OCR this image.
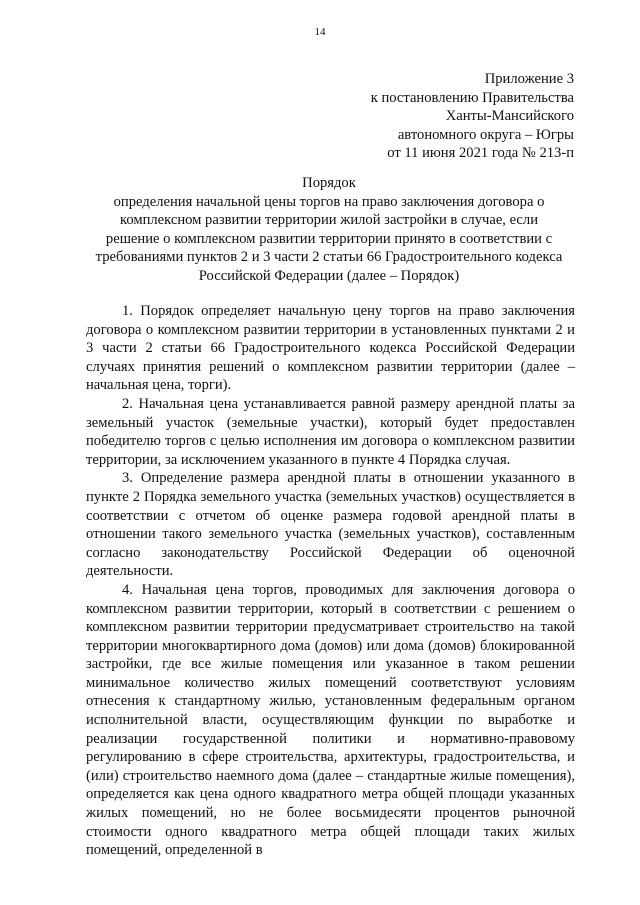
14
Приложение 3
к постановлению Правительства
Ханты-Мансийского
автономного округа – Югры
от 11 июня 2021 года № 213-п
Порядок
определения начальной цены торгов на право заключения договора о
комплексном развитии территории жилой застройки в случае, если
решение о комплексном развитии территории принято в соответствии с
требованиями пунктов 2 и 3 части 2 статьи 66 Градостроительного кодекса
Российской Федерации (далее – Порядок)

1. Порядок определяет начальную цену торгов на право заключения договора о комплексном развитии территории в установленных пунктами 2 и 3 части 2 статьи 66 Градостроительного кодекса Российской Федерации случаях принятия решений о комплексном развитии территории (далее – начальная цена, торги).

2. Начальная цена устанавливается равной размеру арендной платы за земельный участок (земельные участки), который будет предоставлен победителю торгов с целью исполнения им договора о комплексном развитии территории, за исключением указанного в пункте 4 Порядка случая.

3. Определение размера арендной платы в отношении указанного в пункте 2 Порядка земельного участка (земельных участков) осуществляется в соответствии с отчетом об оценке размера годовой арендной платы в отношении такого земельного участка (земельных участков), составленным согласно законодательству Российской Федерации об оценочной деятельности.

4. Начальная цена торгов, проводимых для заключения договора о комплексном развитии территории, который в соответствии с решением о комплексном развитии территории предусматривает строительство на такой территории многоквартирного дома (домов) или дома (домов) блокированной застройки, где все жилые помещения или указанное в таком решении минимальное количество жилых помещений соответствуют условиям отнесения к стандартному жилью, установленным федеральным органом исполнительной власти, осуществляющим функции по выработке и реализации государственной политики и нормативно-правовому регулированию в сфере строительства, архитектуры, градостроительства, и (или) строительство наемного дома (далее – стандартные жилые помещения), определяется как цена одного квадратного метра общей площади указанных жилых помещений, но не более восьмидесяти процентов рыночной стоимости одного квадратного метра общей площади таких жилых помещений, определенной в
